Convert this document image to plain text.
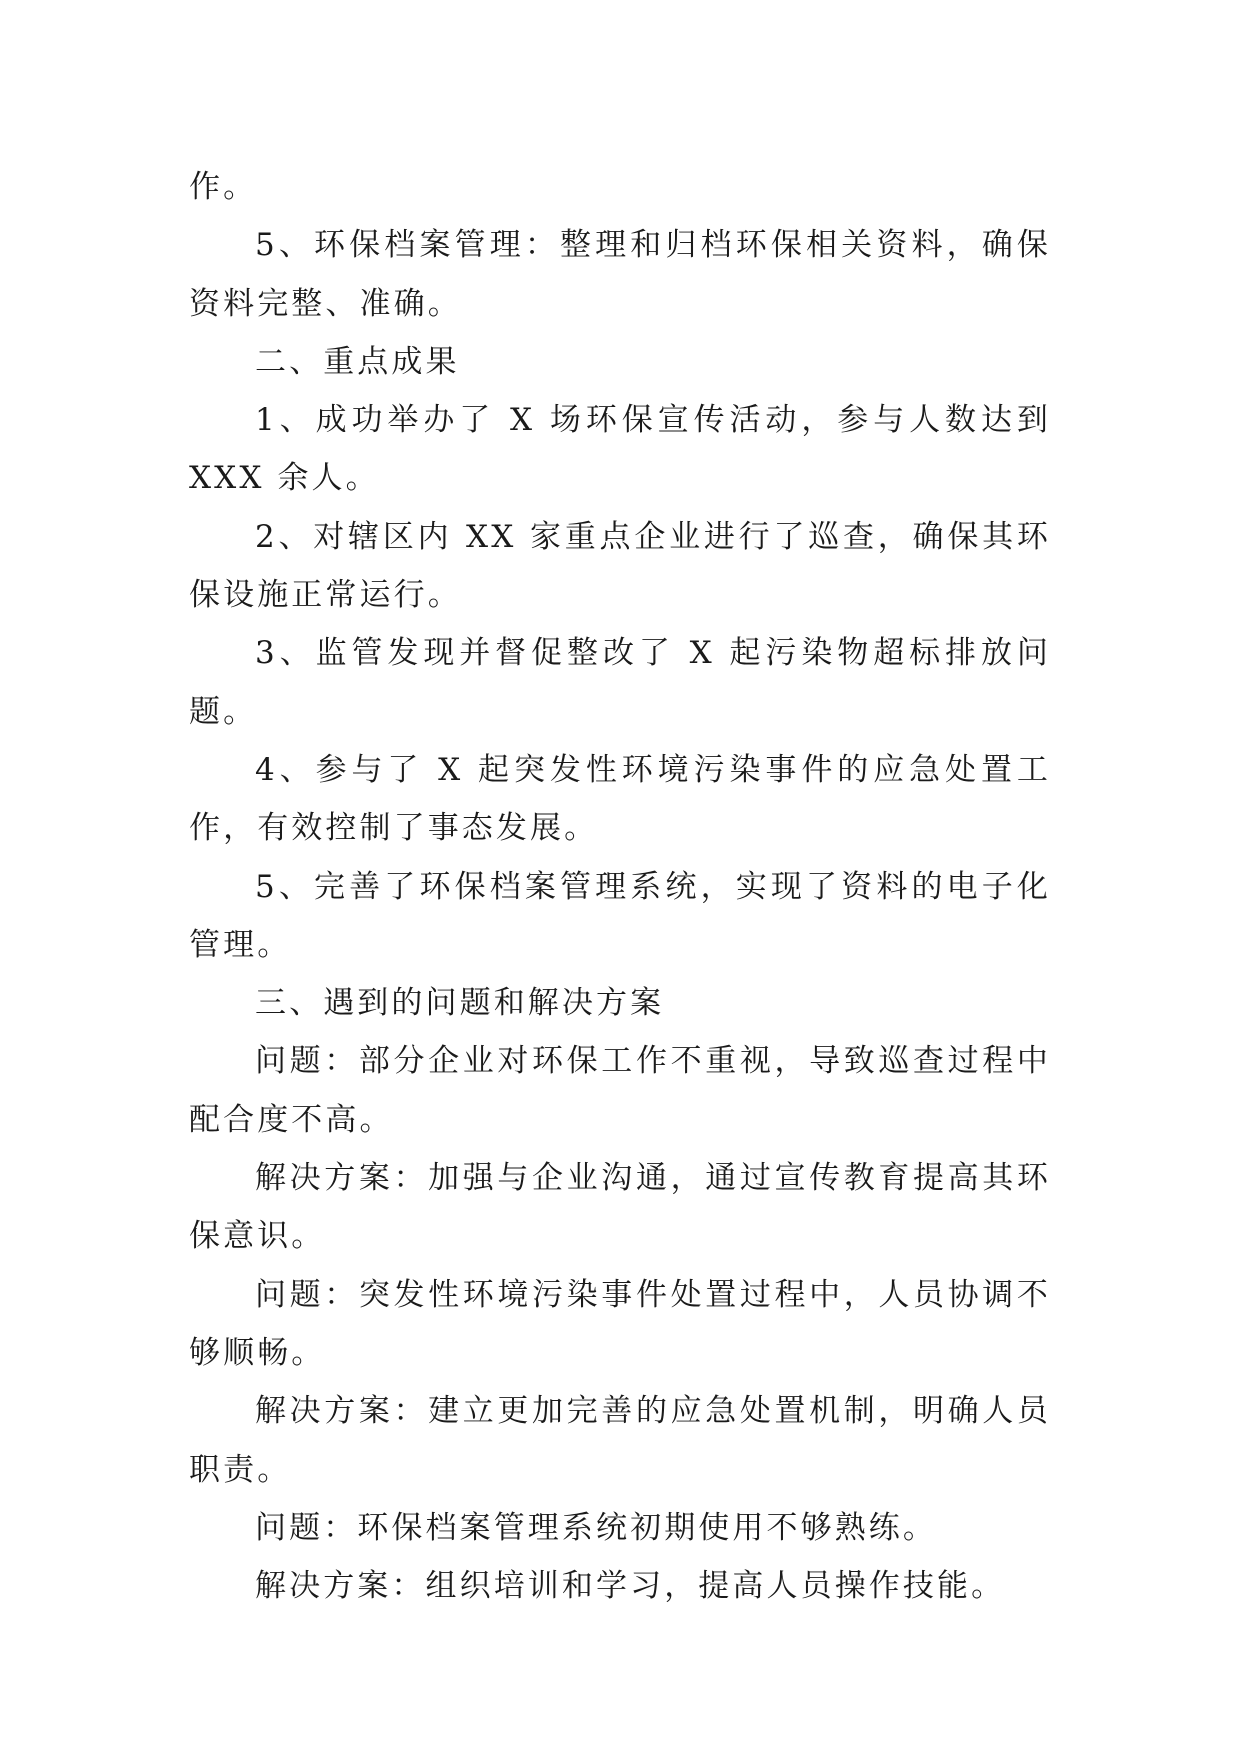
作。

5、环保档案管理：整理和归档环保相关资料，确保资料完整、准确。

二、重点成果

1、成功举办了 X 场环保宣传活动，参与人数达到 XXX 余人。

2、对辖区内 XX 家重点企业进行了巡查，确保其环保设施正常运行。

3、监管发现并督促整改了 X 起污染物超标排放问题。

4、参与了 X 起突发性环境污染事件的应急处置工作，有效控制了事态发展。

5、完善了环保档案管理系统，实现了资料的电子化管理。

三、遇到的问题和解决方案

问题：部分企业对环保工作不重视，导致巡查过程中配合度不高。

解决方案：加强与企业沟通，通过宣传教育提高其环保意识。

问题：突发性环境污染事件处置过程中，人员协调不够顺畅。

解决方案：建立更加完善的应急处置机制，明确人员职责。

问题：环保档案管理系统初期使用不够熟练。

解决方案：组织培训和学习，提高人员操作技能。
